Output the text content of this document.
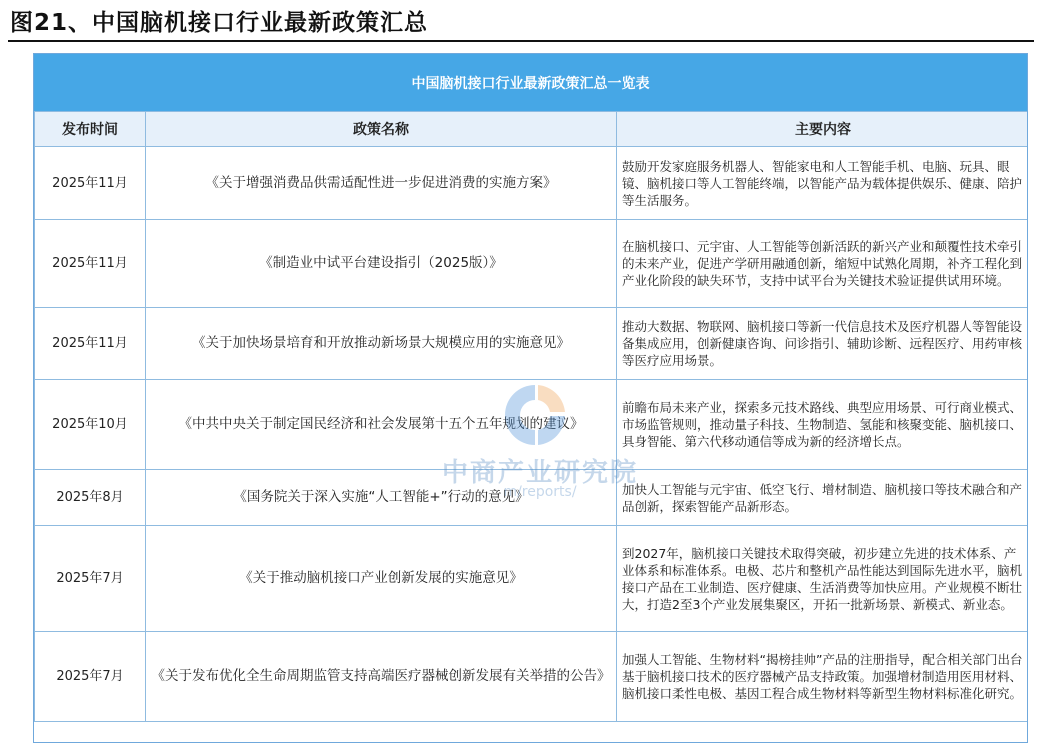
图21、中国脑机接口行业最新政策汇总
中国脑机接口行业最新政策汇总一览表
发布时间	政策名称	主要内容
2025年11月	《关于增强消费品供需适配性进一步促进消费的实施方案》	鼓励开发家庭服务机器人、智能家电和人工智能手机、电脑、玩具、眼镜、脑机接口等人工智能终端，以智能产品为载体提供娱乐、健康、陪护等生活服务。
2025年11月	《制造业中试平台建设指引（2025版）》	在脑机接口、元宇宙、人工智能等创新活跃的新兴产业和颠覆性技术牵引的未来产业，促进产学研用融通创新，缩短中试熟化周期，补齐工程化到产业化阶段的缺失环节，支持中试平台为关键技术验证提供试用环境。
2025年11月	《关于加快场景培育和开放推动新场景大规模应用的实施意见》	推动大数据、物联网、脑机接口等新一代信息技术及医疗机器人等智能设备集成应用，创新健康咨询、问诊指引、辅助诊断、远程医疗、用药审核等医疗应用场景。
2025年10月	《中共中央关于制定国民经济和社会发展第十五个五年规划的建议》	前瞻布局未来产业，探索多元技术路线、典型应用场景、可行商业模式、市场监管规则，推动量子科技、生物制造、氢能和核聚变能、脑机接口、具身智能、第六代移动通信等成为新的经济增长点。
2025年8月	《国务院关于深入实施“人工智能+”行动的意见》	加快人工智能与元宇宙、低空飞行、增材制造、脑机接口等技术融合和产品创新，探索智能产品新形态。
2025年7月	《关于推动脑机接口产业创新发展的实施意见》	到2027年，脑机接口关键技术取得突破，初步建立先进的技术体系、产业体系和标准体系。电极、芯片和整机产品性能达到国际先进水平，脑机接口产品在工业制造、医疗健康、生活消费等加快应用。产业规模不断壮大，打造2至3个产业发展集聚区，开拓一批新场景、新模式、新业态。
2025年7月	《关于发布优化全生命周期监管支持高端医疗器械创新发展有关举措的公告》	加强人工智能、生物材料“揭榜挂帅”产品的注册指导，配合相关部门出台基于脑机接口技术的医疗器械产品支持政策。加强增材制造用医用材料、脑机接口柔性电极、基因工程合成生物材料等新型生物材料标准化研究。
中商产业研究院
m/reports/
